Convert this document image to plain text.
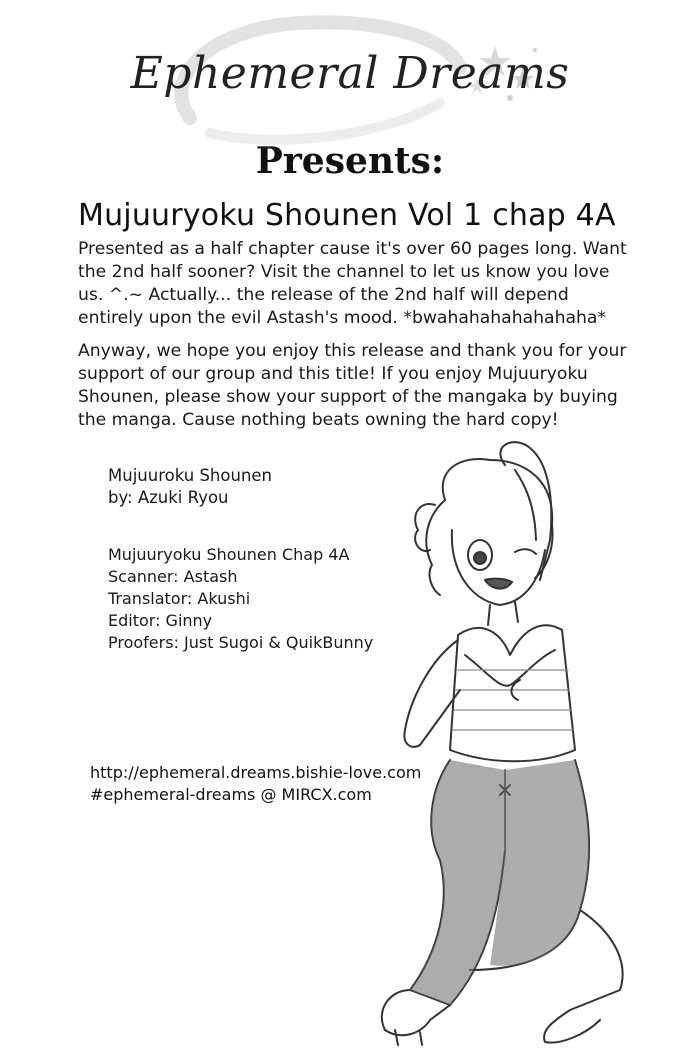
Ephemeral Dreams
Presents:
Mujuuryoku Shounen Vol 1 chap 4A
Presented as a half chapter cause it's over 60 pages long. Want the 2nd half sooner? Visit the channel to let us know you love us. ^.~ Actually... the release of the 2nd half will depend entirely upon the evil Astash's mood. *bwahahahahahahaha*
Anyway, we hope you enjoy this release and thank you for your support of our group and this title! If you enjoy Mujuuryoku Shounen, please show your support of the mangaka by buying the manga. Cause nothing beats owning the hard copy!
Mujuuroku Shounen
by: Azuki Ryou
Mujuuryoku Shounen Chap 4A
Scanner: Astash
Translator: Akushi
Editor: Ginny
Proofers: Just Sugoi & QuikBunny
http://ephemeral.dreams.bishie-love.com
#ephemeral-dreams @ MIRCX.com
